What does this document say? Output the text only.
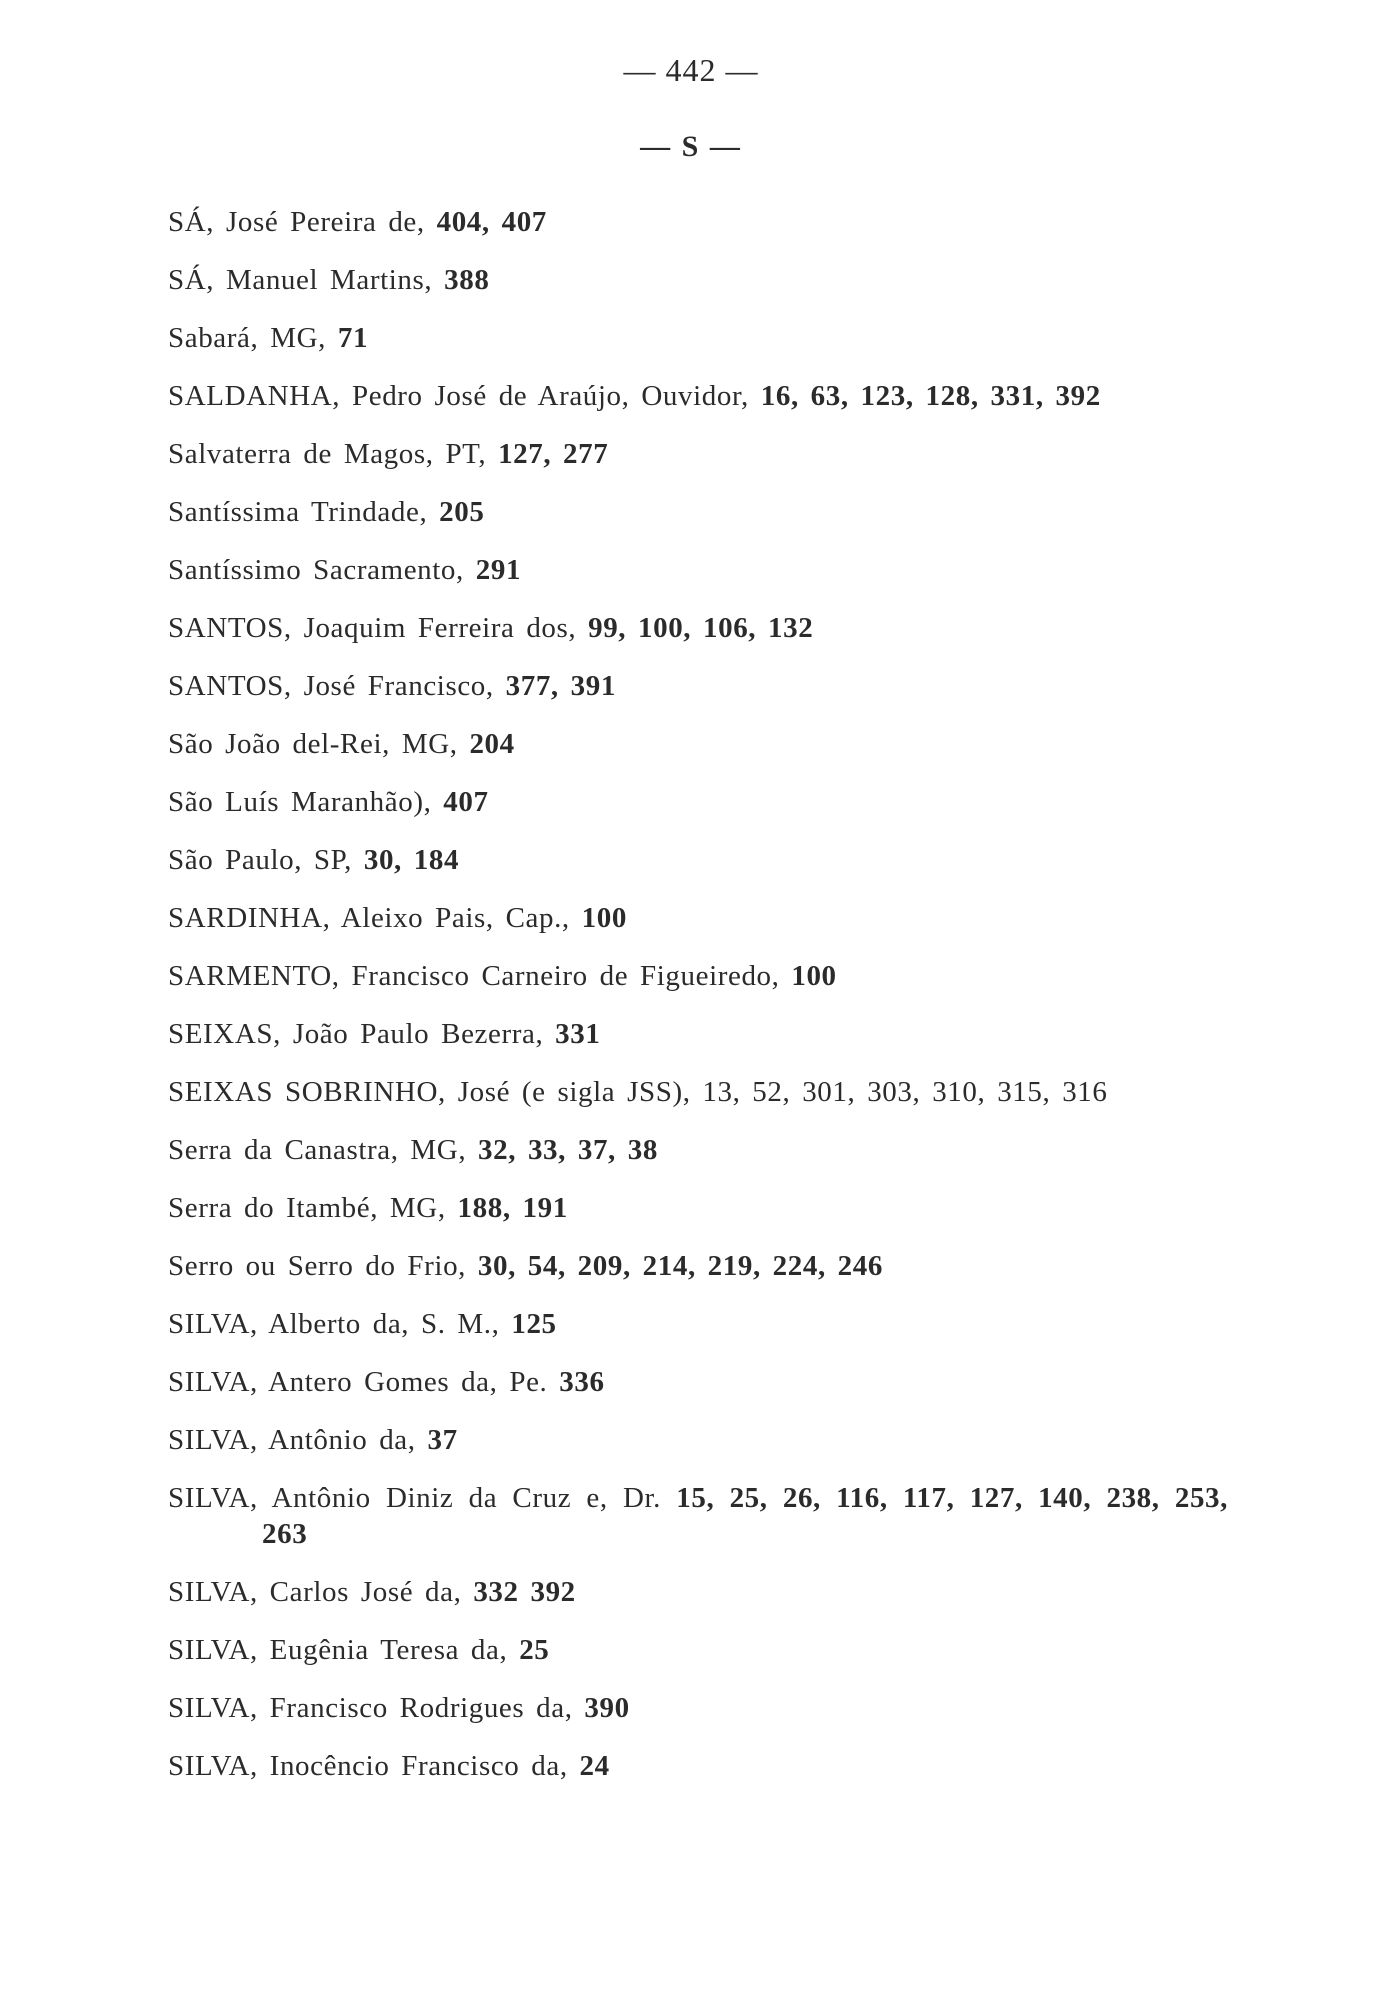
— 442 —
— S —
SÁ, José Pereira de, 404, 407
SÁ, Manuel Martins, 388
Sabará, MG, 71
SALDANHA, Pedro José de Araújo, Ouvidor, 16, 63, 123, 128, 331, 392
Salvaterra de Magos, PT, 127, 277
Santíssima Trindade, 205
Santíssimo Sacramento, 291
SANTOS, Joaquim Ferreira dos, 99, 100, 106, 132
SANTOS, José Francisco, 377, 391
São João del-Rei, MG, 204
São Luís Maranhão), 407
São Paulo, SP, 30, 184
SARDINHA, Aleixo Pais, Cap., 100
SARMENTO, Francisco Carneiro de Figueiredo, 100
SEIXAS, João Paulo Bezerra, 331
SEIXAS SOBRINHO, José (e sigla JSS), 13, 52, 301, 303, 310, 315, 316
Serra da Canastra, MG, 32, 33, 37, 38
Serra do Itambé, MG, 188, 191
Serro ou Serro do Frio, 30, 54, 209, 214, 219, 224, 246
SILVA, Alberto da, S. M., 125
SILVA, Antero Gomes da, Pe. 336
SILVA, Antônio da, 37
SILVA, Antônio Diniz da Cruz e, Dr. 15, 25, 26, 116, 117, 127, 140, 238, 253, 263
SILVA, Carlos José da, 332 392
SILVA, Eugênia Teresa da, 25
SILVA, Francisco Rodrigues da, 390
SILVA, Inocêncio Francisco da, 24
